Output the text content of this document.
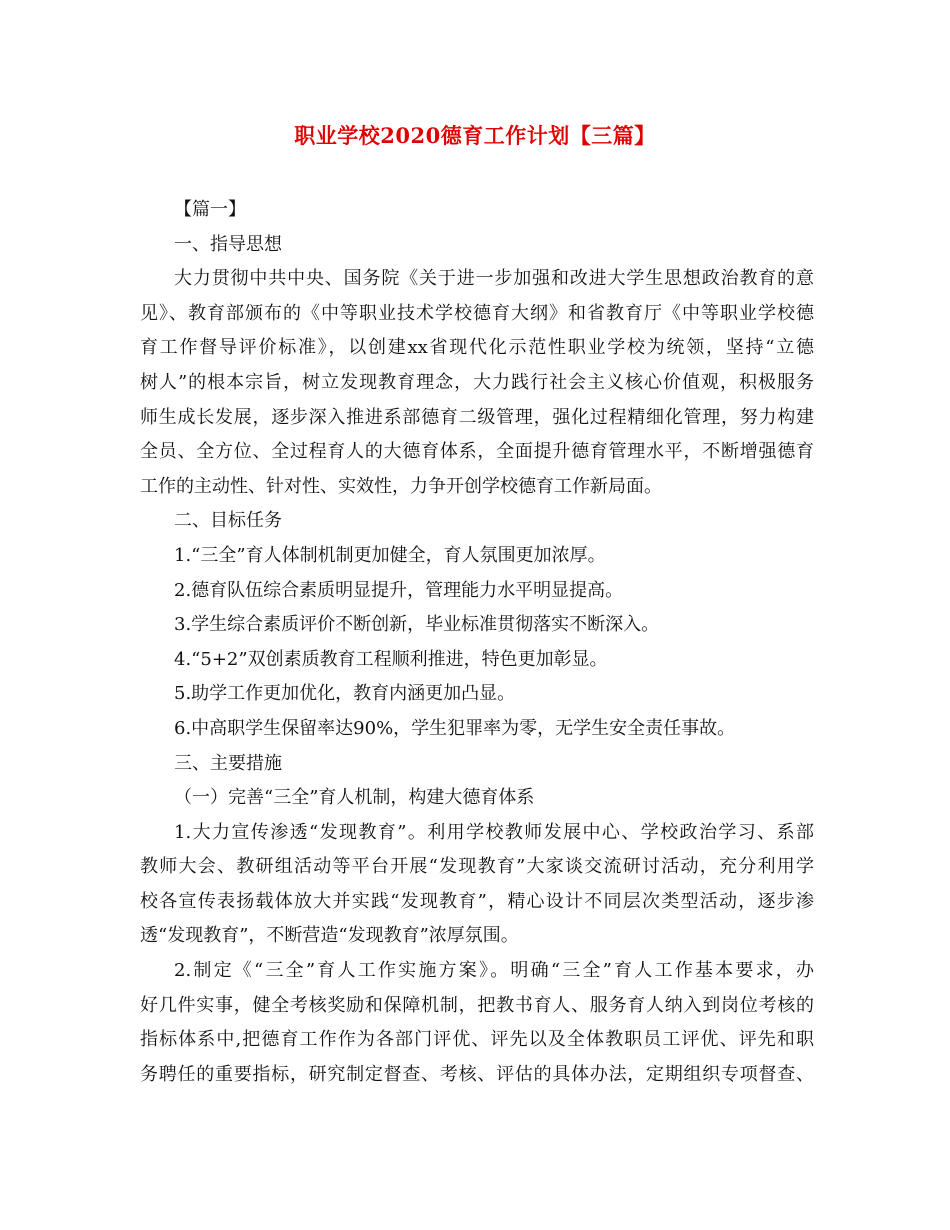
职业学校2020德育工作计划【三篇】

【篇一】

一、指导思想

大力贯彻中共中央、国务院《关于进一步加强和改进大学生思想政治教育的意

见》、教育部颁布的《中等职业技术学校德育大纲》和省教育厅《中等职业学校德

育工作督导评价标准》，以创建xx省现代化示范性职业学校为统领，坚持“立德

树人”的根本宗旨，树立发现教育理念，大力践行社会主义核心价值观，积极服务

师生成长发展，逐步深入推进系部德育二级管理，强化过程精细化管理，努力构建

全员、全方位、全过程育人的大德育体系，全面提升德育管理水平，不断增强德育

工作的主动性、针对性、实效性，力争开创学校德育工作新局面。

二、目标任务

1.“三全”育人体制机制更加健全，育人氛围更加浓厚。

2.德育队伍综合素质明显提升，管理能力水平明显提高。

3.学生综合素质评价不断创新，毕业标准贯彻落实不断深入。

4.“5+2”双创素质教育工程顺利推进，特色更加彰显。

5.助学工作更加优化，教育内涵更加凸显。

6.中高职学生保留率达90%，学生犯罪率为零，无学生安全责任事故。

三、主要措施

（一）完善“三全”育人机制，构建大德育体系

1.大力宣传渗透“发现教育”。利用学校教师发展中心、学校政治学习、系部

教师大会、教研组活动等平台开展“发现教育”大家谈交流研讨活动，充分利用学

校各宣传表扬载体放大并实践“发现教育”，精心设计不同层次类型活动，逐步渗

透“发现教育”，不断营造“发现教育”浓厚氛围。

2.制定《“三全”育人工作实施方案》。明确“三全”育人工作基本要求，办

好几件实事，健全考核奖励和保障机制，把教书育人、服务育人纳入到岗位考核的

指标体系中,把德育工作作为各部门评优、评先以及全体教职员工评优、评先和职

务聘任的重要指标，研究制定督查、考核、评估的具体办法，定期组织专项督查、
